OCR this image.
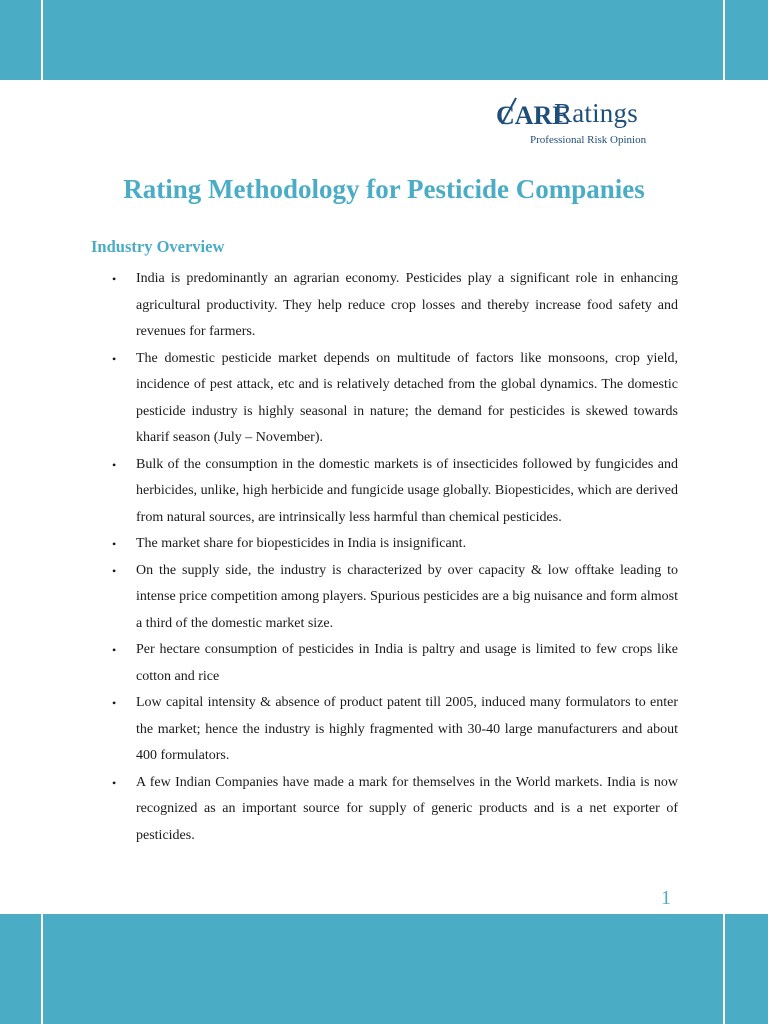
CARE
Ratings
Professional Risk Opinion
Rating Methodology for Pesticide Companies
Industry Overview
• India is predominantly an agrarian economy. Pesticides play a significant role in enhancing agricultural productivity. They help reduce crop losses and thereby increase food safety and revenues for farmers.
• The domestic pesticide market depends on multitude of factors like monsoons, crop yield, incidence of pest attack, etc and is relatively detached from the global dynamics. The domestic pesticide industry is highly seasonal in nature; the demand for pesticides is skewed towards kharif season (July – November).
• Bulk of the consumption in the domestic markets is of insecticides followed by fungicides and herbicides, unlike, high herbicide and fungicide usage globally. Biopesticides, which are derived from natural sources, are intrinsically less harmful than chemical pesticides.
• The market share for biopesticides in India is insignificant.
• On the supply side, the industry is characterized by over capacity & low offtake leading to intense price competition among players. Spurious pesticides are a big nuisance and form almost a third of the domestic market size.
• Per hectare consumption of pesticides in India is paltry and usage is limited to few crops like cotton and rice
• Low capital intensity & absence of product patent till 2005, induced many formulators to enter the market; hence the industry is highly fragmented with 30-40 large manufacturers and about 400 formulators.
• A few Indian Companies have made a mark for themselves in the World markets. India is now recognized as an important source for supply of generic products and is a net exporter of pesticides.
1
